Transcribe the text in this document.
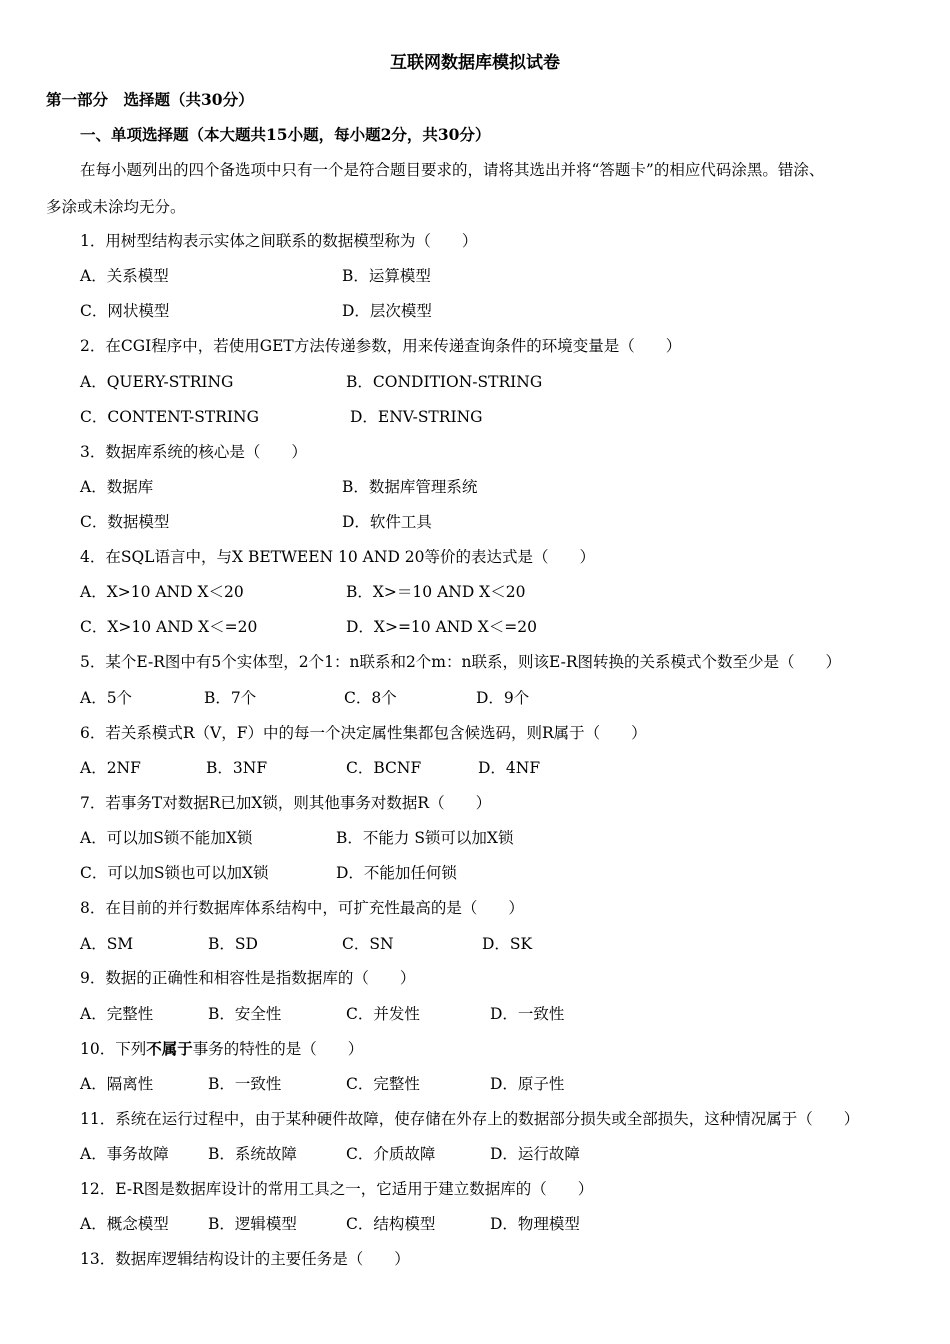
互联网数据库模拟试卷
第一部分　选择题（共30分）
一、单项选择题（本大题共15小题，每小题2分，共30分）
在每小题列出的四个备选项中只有一个是符合题目要求的，请将其选出并将“答题卡”的相应代码涂黑。错涂、
多涂或未涂均无分。
1．用树型结构表示实体之间联系的数据模型称为（　　）
A．关系模型	B．运算模型
C．网状模型	D．层次模型
2．在CGI程序中，若使用GET方法传递参数，用来传递查询条件的环境变量是（　　）
A．QUERY-STRING	B．CONDITION-STRING
C．CONTENT-STRING	D．ENV-STRING
3．数据库系统的核心是（　　）
A．数据库	B．数据库管理系统
C．数据模型	D．软件工具
4．在SQL语言中，与X BETWEEN 10 AND 20等价的表达式是（　　）
A．X>10 AND X＜20	B．X>＝10 AND X＜20
C．X>10 AND X＜=20	D．X>=10 AND X＜=20
5．某个E-R图中有5个实体型，2个1：n联系和2个m：n联系，则该E-R图转换的关系模式个数至少是（　　）
A．5个	B．7个	C．8个	D．9个
6．若关系模式R（V，F）中的每一个决定属性集都包含候选码，则R属于（　　）
A．2NF	B．3NF	C．BCNF	D．4NF
7．若事务T对数据R已加X锁，则其他事务对数据R（　　）
A．可以加S锁不能加X锁	B．不能力 S锁可以加X锁
C．可以加S锁也可以加X锁	D．不能加任何锁
8．在目前的并行数据库体系结构中，可扩充性最高的是（　　）
A．SM	B．SD	C．SN	D．SK
9．数据的正确性和相容性是指数据库的（　　）
A．完整性	B．安全性	C．并发性	D．一致性
10．下列不属于事务的特性的是（　　）
A．隔离性	B．一致性	C．完整性	D．原子性
11．系统在运行过程中，由于某种硬件故障，使存储在外存上的数据部分损失或全部损失，这种情况属于（　　）
A．事务故障	B．系统故障	C．介质故障	D．运行故障
12．E-R图是数据库设计的常用工具之一，它适用于建立数据库的（　　）
A．概念模型	B．逻辑模型	C．结构模型	D．物理模型
13．数据库逻辑结构设计的主要任务是（　　）
